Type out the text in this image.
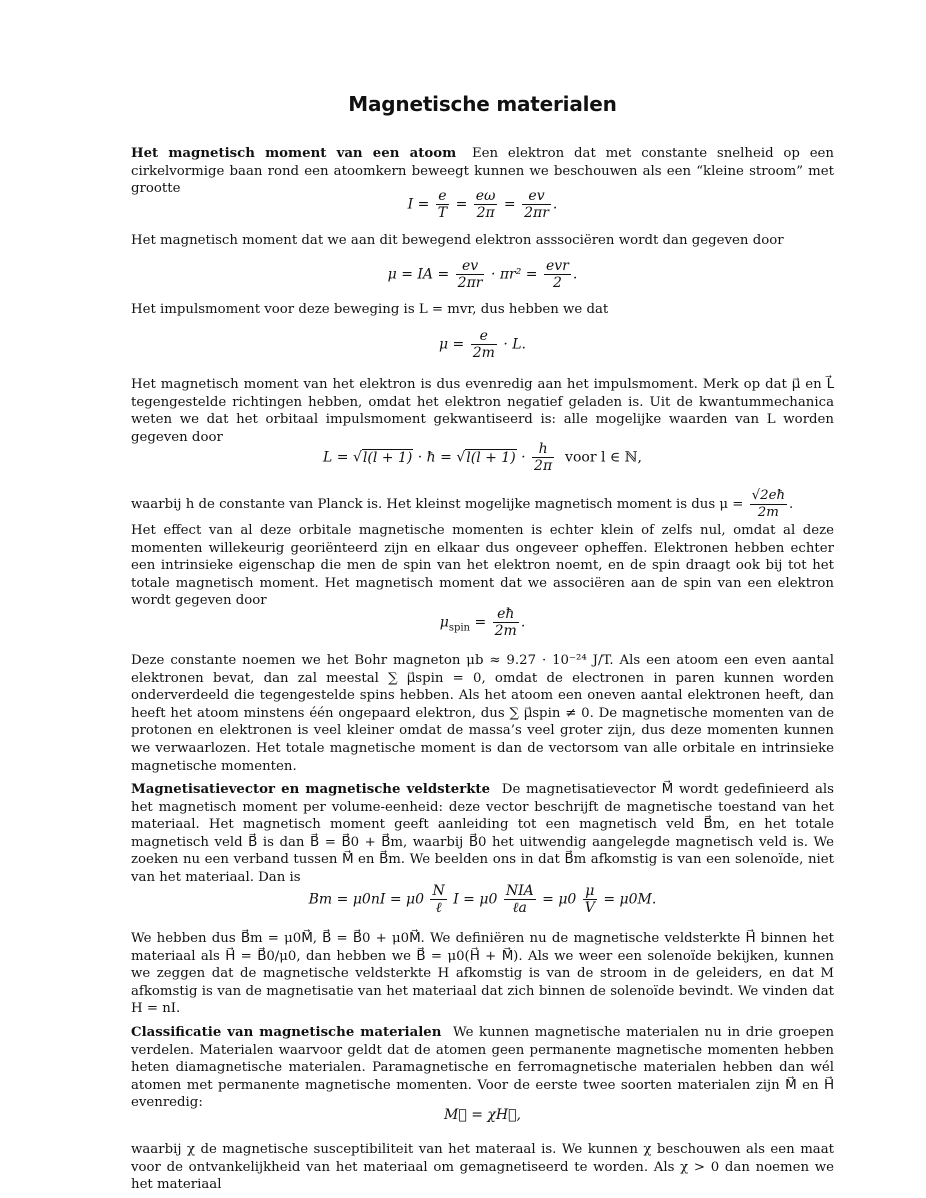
Magnetische materialen

Het magnetisch moment van een atoom Een elektron dat met constante snelheid op een cirkelvormige baan rond een atoomkern beweegt kunnen we beschouwen als een “kleine stroom” met grootte

$I = \frac{e}{T} = \frac{e\omega}{2\pi} = \frac{ev}{2\pi r}$ .

Het magnetisch moment dat we aan dit bewegend elektron asssociëren wordt dan gegeven door

μ = IA = $\frac{ev}{2\pi r} \cdot \pi r^2 = \frac{\text{evr}}{2}$ .

Het impulsmoment voor deze beweging is L = mvr, dus hebben we dat

$\mu = \frac{e}{2m} \cdot L$.

Het magnetisch moment van het elektron is dus evenredig aan het impulsmoment. Merk op dat μ⃗ en L⃗ tegengestelde richtingen hebben, omdat het elektron negatief geladen is. Uit de kwantummechanica weten we dat het orbitaal impulsmoment gekwantiseerd is: alle mogelijke waarden van L worden gegeven door

L = √l(l + 1) · ħ = $√l(l + 1) \cdot \frac{h}{2\pi}$ voor l ∈ ℕ,

waarbij h de constante van Planck is. Het kleinst mogelijke magnetisch moment is dus $\mu = \frac{√2eħ}{2m}$ .

Het effect van al deze orbitale magnetische momenten is echter klein of zelfs nul, omdat al deze momenten willekeurig georiënteerd zijn en elkaar dus ongeveer opheffen. Elektronen hebben echter een intrinsieke eigenschap die men de spin van het elektron noemt, en de spin draagt ook bij tot het totale magnetisch moment. Het magnetisch moment dat we associëren aan de spin van een elektron wordt gegeven door

$\mu_{spin} = \frac{eħ}{2m}$ .

Deze constante noemen we het Bohr magneton μb ≈ 9.27 · 10⁻²⁴ J/T. Als een atoom een even aantal elektronen bevat, dan zal meestal ∑ μ⃗spin = 0, omdat de electronen in paren kunnen worden onderverdeeld die tegengestelde spins hebben. Als het atoom een oneven aantal elektronen heeft, dan heeft het atoom minstens één ongepaard elektron, dus ∑ μ⃗spin ≠ 0. De magnetische momenten van de protonen en elektronen is veel kleiner omdat de massa’s veel groter zijn, dus deze momenten kunnen we verwaarlozen. Het totale magnetische moment is dan de vectorsom van alle orbitale en intrinsieke magnetische momenten.

Magnetisatievector en magnetische veldsterkte De magnetisatievector M⃗ wordt gedefinieerd als het magnetisch moment per volume-eenheid: deze vector beschrijft de magnetische toestand van het materiaal. Het magnetisch moment geeft aanleiding tot een magnetisch veld B⃗m, en het totale magnetisch veld B⃗ is dan B⃗ = B⃗0 + B⃗m, waarbij B⃗0 het uitwendig aangelegde magnetisch veld is. We zoeken nu een verband tussen M⃗ en B⃗m. We beelden ons in dat B⃗m afkomstig is van een solenoïde, niet van het materiaal. Dan is

$Bm = \mu 0nI = \mu 0 \frac{N}{\text{ℓ}}$ $I = \mu 0 \frac{\text{NIA}}{\text{ℓa}} = \mu 0 \frac{\mu}{V} = \mu 0M$.

We hebben dus B⃗m = μ0M⃗, B⃗ = B⃗0 + μ0M⃗. We definiëren nu de magnetische veldsterkte H⃗ binnen het materiaal als H⃗ = B⃗0/μ0, dan hebben we B⃗ = μ0(H⃗ + M⃗). Als we weer een solenoïde bekijken, kunnen we zeggen dat de magnetische veldsterkte H afkomstig is van de stroom in de geleiders, en dat M afkomstig is van de magnetisatie van het materiaal dat zich binnen de solenoïde bevindt. We vinden dat H = nI.

Classificatie van magnetische materialen We kunnen magnetische materialen nu in drie groepen verdelen. Materialen waarvoor geldt dat de atomen geen permanente magnetische momenten hebben heten diamagnetische materialen. Paramagnetische en ferromagnetische materialen hebben dan wél atomen met permanente magnetische momenten. Voor de eerste twee soorten materialen zijn M⃗ en H⃗ evenredig:

M⃗ = χH⃗,

waarbij χ de magnetische susceptibiliteit van het materaal is. We kunnen χ beschouwen als een maat voor de ontvankelijkheid van het materiaal om gemagnetiseerd te worden. Als χ > 0 dan noemen we het materiaal
